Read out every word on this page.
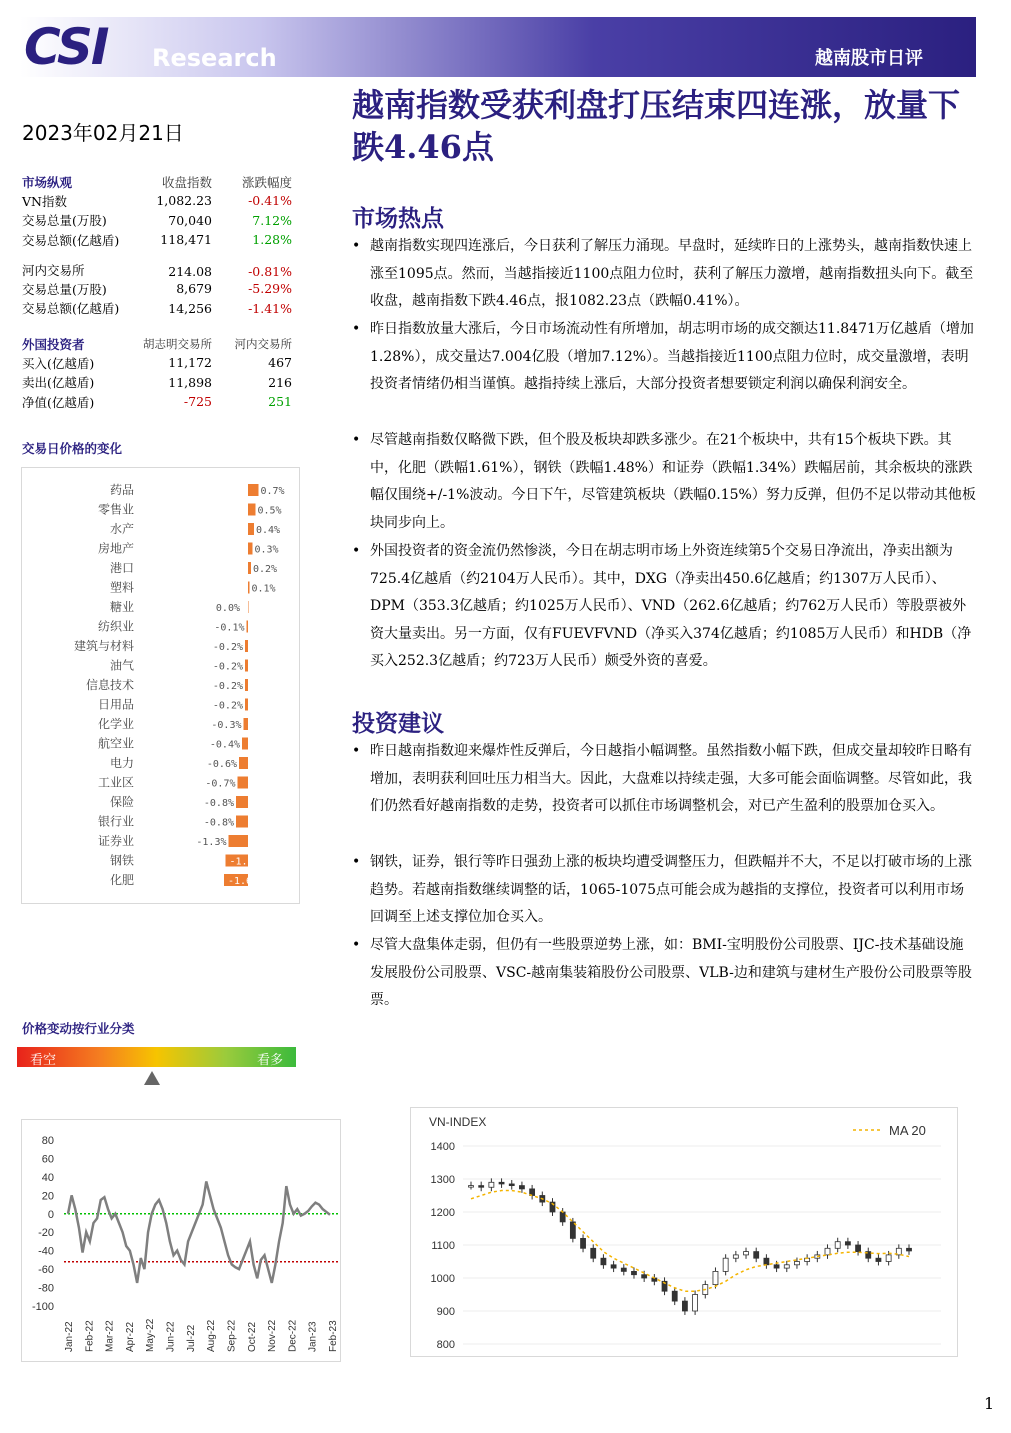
CSI Research	越南股市日评
2023年02月21日
越南指数受获利盘打压结束四连涨，放量下跌4.46点
市场纵观	收盘指数	涨跌幅度
VN指数	1,082.23	-0.41%
交易总量(万股)	70,040	7.12%
交易总额(亿越盾)	118,471	1.28%
河内交易所	214.08	-0.81%
交易总量(万股)	8,679	-5.29%
交易总额(亿越盾)	14,256	-1.41%
外国投资者	胡志明交易所	河内交易所
买入(亿越盾)	11,172	467
卖出(亿越盾)	11,898	216
净值(亿越盾)	-725	251
交易日价格的变化
药品	0.7%
零售业	0.5%
水产	0.4%
房地产	0.3%
港口	0.2%
塑料	0.1%
糖业	0.0%
纺织业	-0.1%
建筑与材料	-0.2%
油气	-0.2%
信息技术	-0.2%
日用品	-0.2%
化学业	-0.3%
航空业	-0.4%
电力	-0.6%
工业区	-0.7%
保险	-0.8%
银行业	-0.8%
证券业	-1.3%
钢铁	-1.5%
化肥	-1.6%
价格变动按行业分类
看空	看多
80
60
40
20
0
-20
-40
-60
-80
-100
Jan-22 Feb-22 Mar-22 Apr-22 May-22 Jun-22 Jul-22 Aug-22 Sep-22 Oct-22 Nov-22 Dec-22 Jan-23 Feb-23
VN-INDEX
1400
1300
1200
1100
1000
900
800
MA 20
市场热点
• 越南指数实现四连涨后，今日获利了解压力涌现。早盘时，延续昨日的上涨势头，越南指数快速上涨至1095点。然而，当越指接近1100点阻力位时，获利了解压力激增，越南指数扭头向下。截至收盘，越南指数下跌4.46点，报1082.23点（跌幅0.41%）。
• 昨日指数放量大涨后，今日市场流动性有所增加，胡志明市场的成交额达11.8471万亿越盾（增加1.28%），成交量达7.004亿股（增加7.12%）。当越指接近1100点阻力位时，成交量激增，表明投资者情绪仍相当谨慎。越指持续上涨后，大部分投资者想要锁定利润以确保利润安全。
• 尽管越南指数仅略微下跌，但个股及板块却跌多涨少。在21个板块中，共有15个板块下跌。其中，化肥（跌幅1.61%），钢铁（跌幅1.48%）和证券（跌幅1.34%）跌幅居前，其余板块的涨跌幅仅围绕+/-1%波动。今日下午，尽管建筑板块（跌幅0.15%）努力反弹，但仍不足以带动其他板块同步向上。
• 外国投资者的资金流仍然惨淡，今日在胡志明市场上外资连续第5个交易日净流出，净卖出额为725.4亿越盾（约2104万人民币）。其中，DXG（净卖出450.6亿越盾；约1307万人民币）、DPM（353.3亿越盾；约1025万人民币）、VND（262.6亿越盾；约762万人民币）等股票被外资大量卖出。另一方面，仅有FUEVFVND（净买入374亿越盾；约1085万人民币）和HDB（净买入252.3亿越盾；约723万人民币）颇受外资的喜爱。
投资建议
• 昨日越南指数迎来爆炸性反弹后，今日越指小幅调整。虽然指数小幅下跌，但成交量却较昨日略有增加，表明获利回吐压力相当大。因此，大盘难以持续走强，大多可能会面临调整。尽管如此，我们仍然看好越南指数的走势，投资者可以抓住市场调整机会，对已产生盈利的股票加仓买入。
• 钢铁，证券，银行等昨日强劲上涨的板块均遭受调整压力，但跌幅并不大，不足以打破市场的上涨趋势。若越南指数继续调整的话，1065-1075点可能会成为越指的支撑位，投资者可以利用市场回调至上述支撑位加仓买入。
• 尽管大盘集体走弱，但仍有一些股票逆势上涨，如：BMI-宝明股份公司股票、IJC-技术基础设施发展股份公司股票、VSC-越南集装箱股份公司股票、VLB-边和建筑与建材生产股份公司股票等股票。
1
